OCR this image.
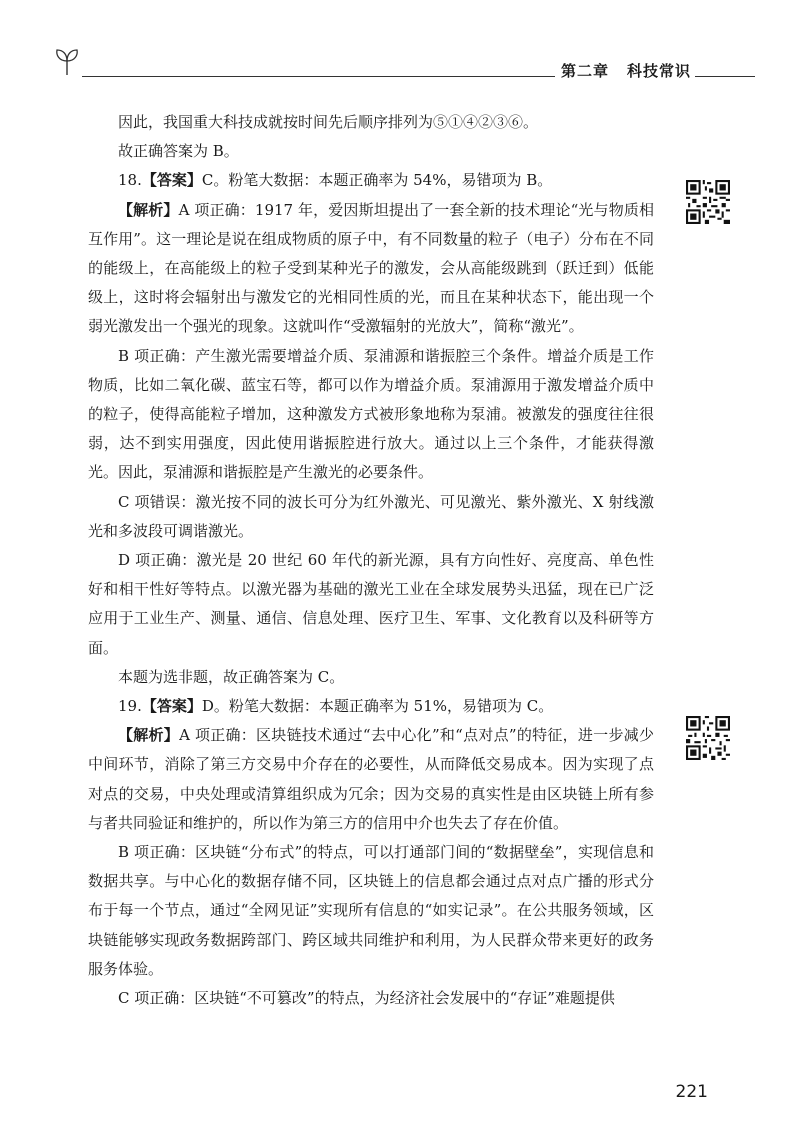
第二章 科技常识

因此，我国重大科技成就按时间先后顺序排列为⑤①④②③⑥。

故正确答案为 B。

18.【答案】C。粉笔大数据：本题正确率为 54%，易错项为 B。

【解析】A 项正确：1917 年，爱因斯坦提出了一套全新的技术理论“光与物质相互作用”。这一理论是说在组成物质的原子中，有不同数量的粒子（电子）分布在不同的能级上，在高能级上的粒子受到某种光子的激发，会从高能级跳到（跃迁到）低能级上，这时将会辐射出与激发它的光相同性质的光，而且在某种状态下，能出现一个弱光激发出一个强光的现象。这就叫作“受激辐射的光放大”，简称“激光”。

B 项正确：产生激光需要增益介质、泵浦源和谐振腔三个条件。增益介质是工作物质，比如二氧化碳、蓝宝石等，都可以作为增益介质。泵浦源用于激发增益介质中的粒子，使得高能粒子增加，这种激发方式被形象地称为泵浦。被激发的强度往往很弱，达不到实用强度，因此使用谐振腔进行放大。通过以上三个条件，才能获得激光。因此，泵浦源和谐振腔是产生激光的必要条件。

C 项错误：激光按不同的波长可分为红外激光、可见激光、紫外激光、X 射线激光和多波段可调谐激光。

D 项正确：激光是 20 世纪 60 年代的新光源，具有方向性好、亮度高、单色性好和相干性好等特点。以激光器为基础的激光工业在全球发展势头迅猛，现在已广泛应用于工业生产、测量、通信、信息处理、医疗卫生、军事、文化教育以及科研等方面。

本题为选非题，故正确答案为 C。

19.【答案】D。粉笔大数据：本题正确率为 51%，易错项为 C。

【解析】A 项正确：区块链技术通过“去中心化”和“点对点”的特征，进一步减少中间环节，消除了第三方交易中介存在的必要性，从而降低交易成本。因为实现了点对点的交易，中央处理或清算组织成为冗余；因为交易的真实性是由区块链上所有参与者共同验证和维护的，所以作为第三方的信用中介也失去了存在价值。

B 项正确：区块链“分布式”的特点，可以打通部门间的“数据壁垒”，实现信息和数据共享。与中心化的数据存储不同，区块链上的信息都会通过点对点广播的形式分布于每一个节点，通过“全网见证”实现所有信息的“如实记录”。在公共服务领域，区块链能够实现政务数据跨部门、跨区域共同维护和利用，为人民群众带来更好的政务服务体验。

C 项正确：区块链“不可篡改”的特点，为经济社会发展中的“存证”难题提供

221
